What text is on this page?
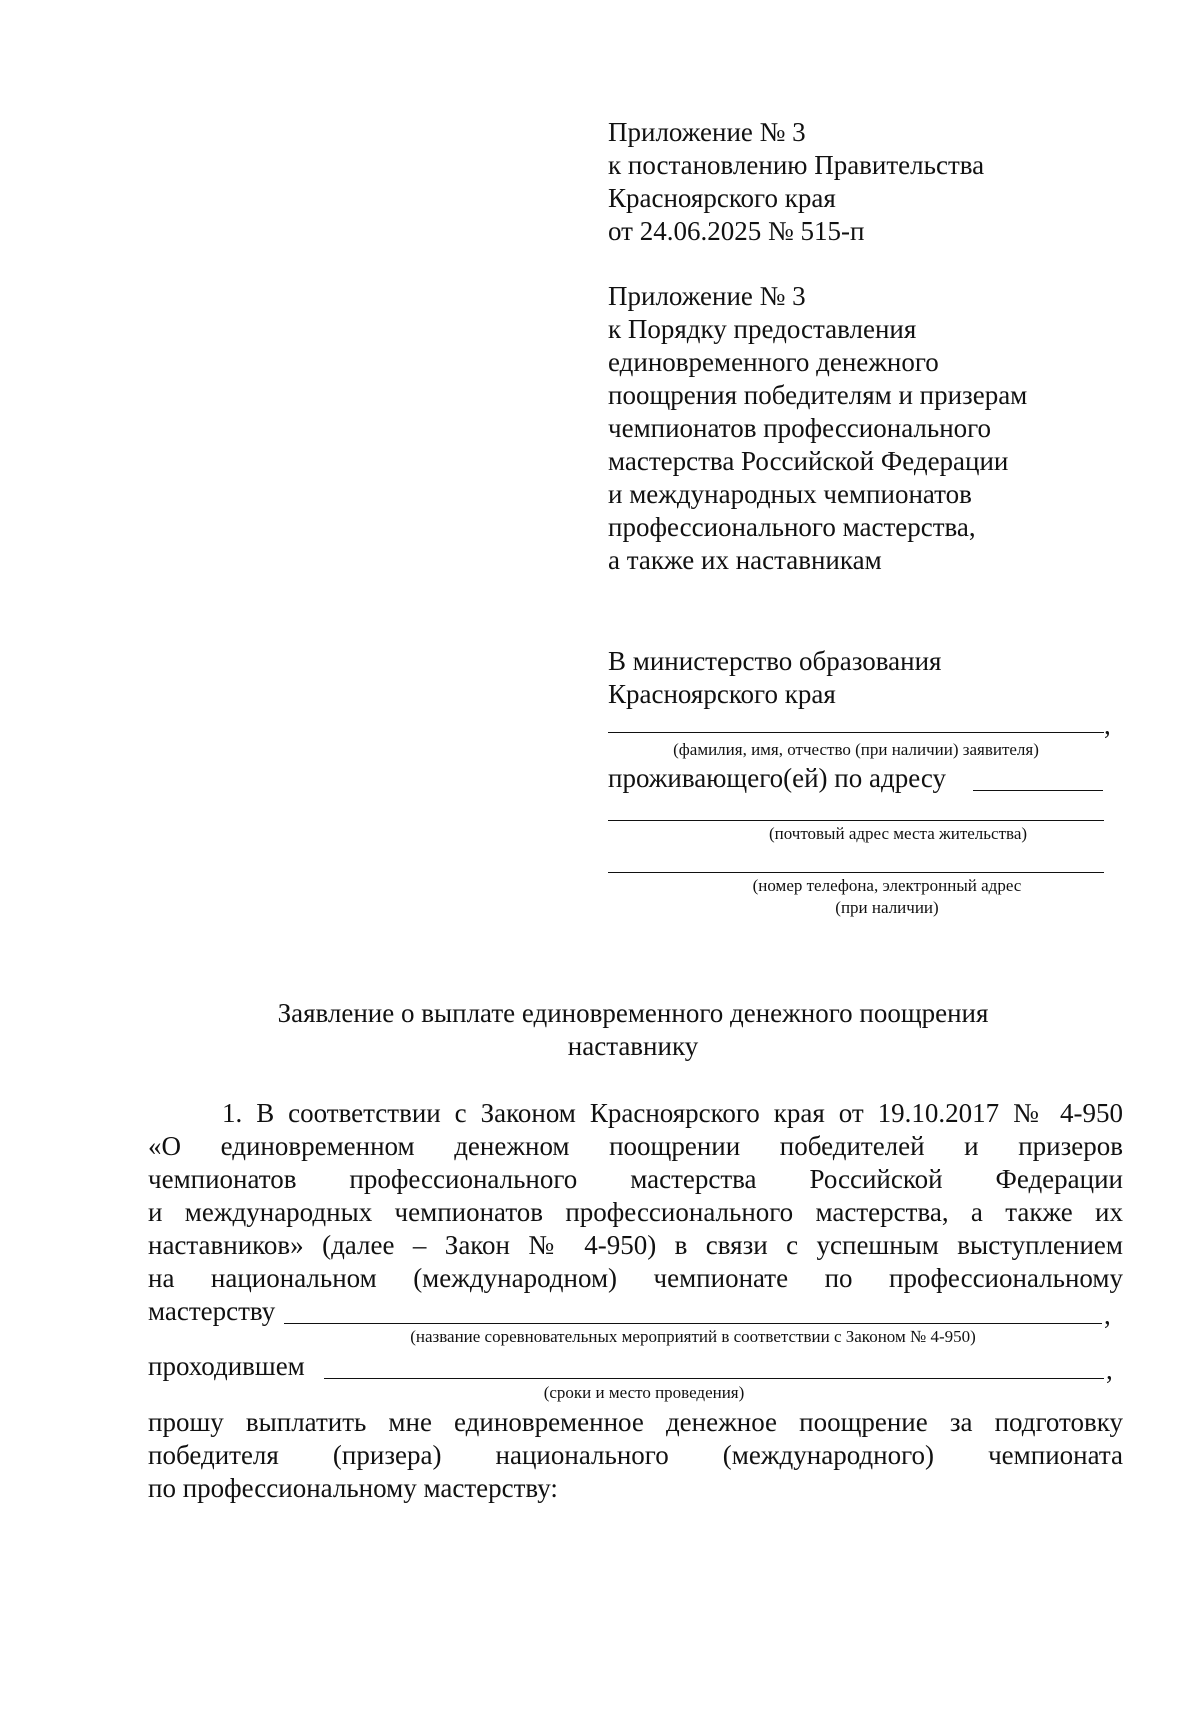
Приложение № 3
к постановлению Правительства
Красноярского края
от 24.06.2025 № 515-п
Приложение № 3
к Порядку предоставления
единовременного денежного
поощрения победителям и призерам
чемпионатов профессионального
мастерства Российской Федерации
и международных чемпионатов
профессионального мастерства,
а также их наставникам
В министерство образования
Красноярского края
,
(фамилия, имя, отчество (при наличии) заявителя)
проживающего(ей) по адресу
(почтовый адрес места жительства)
(номер телефона, электронный адрес
(при наличии)
Заявление о выплате единовременного денежного поощрения
наставнику
1. В соответствии с Законом Красноярского края от 19.10.2017 № 4-950
«О единовременном денежном поощрении победителей и призеров
чемпионатов профессионального мастерства Российской Федерации
и международных чемпионатов профессионального мастерства, а также их
наставников» (далее – Закон № 4-950) в связи с успешным выступлением
на национальном (международном) чемпионате по профессиональному
мастерству	,
(название соревновательных мероприятий в соответствии с Законом № 4-950)
проходившем	,
(сроки и место проведения)
прошу выплатить мне единовременное денежное поощрение за подготовку
победителя (призера) национального (международного) чемпионата
по профессиональному мастерству:
